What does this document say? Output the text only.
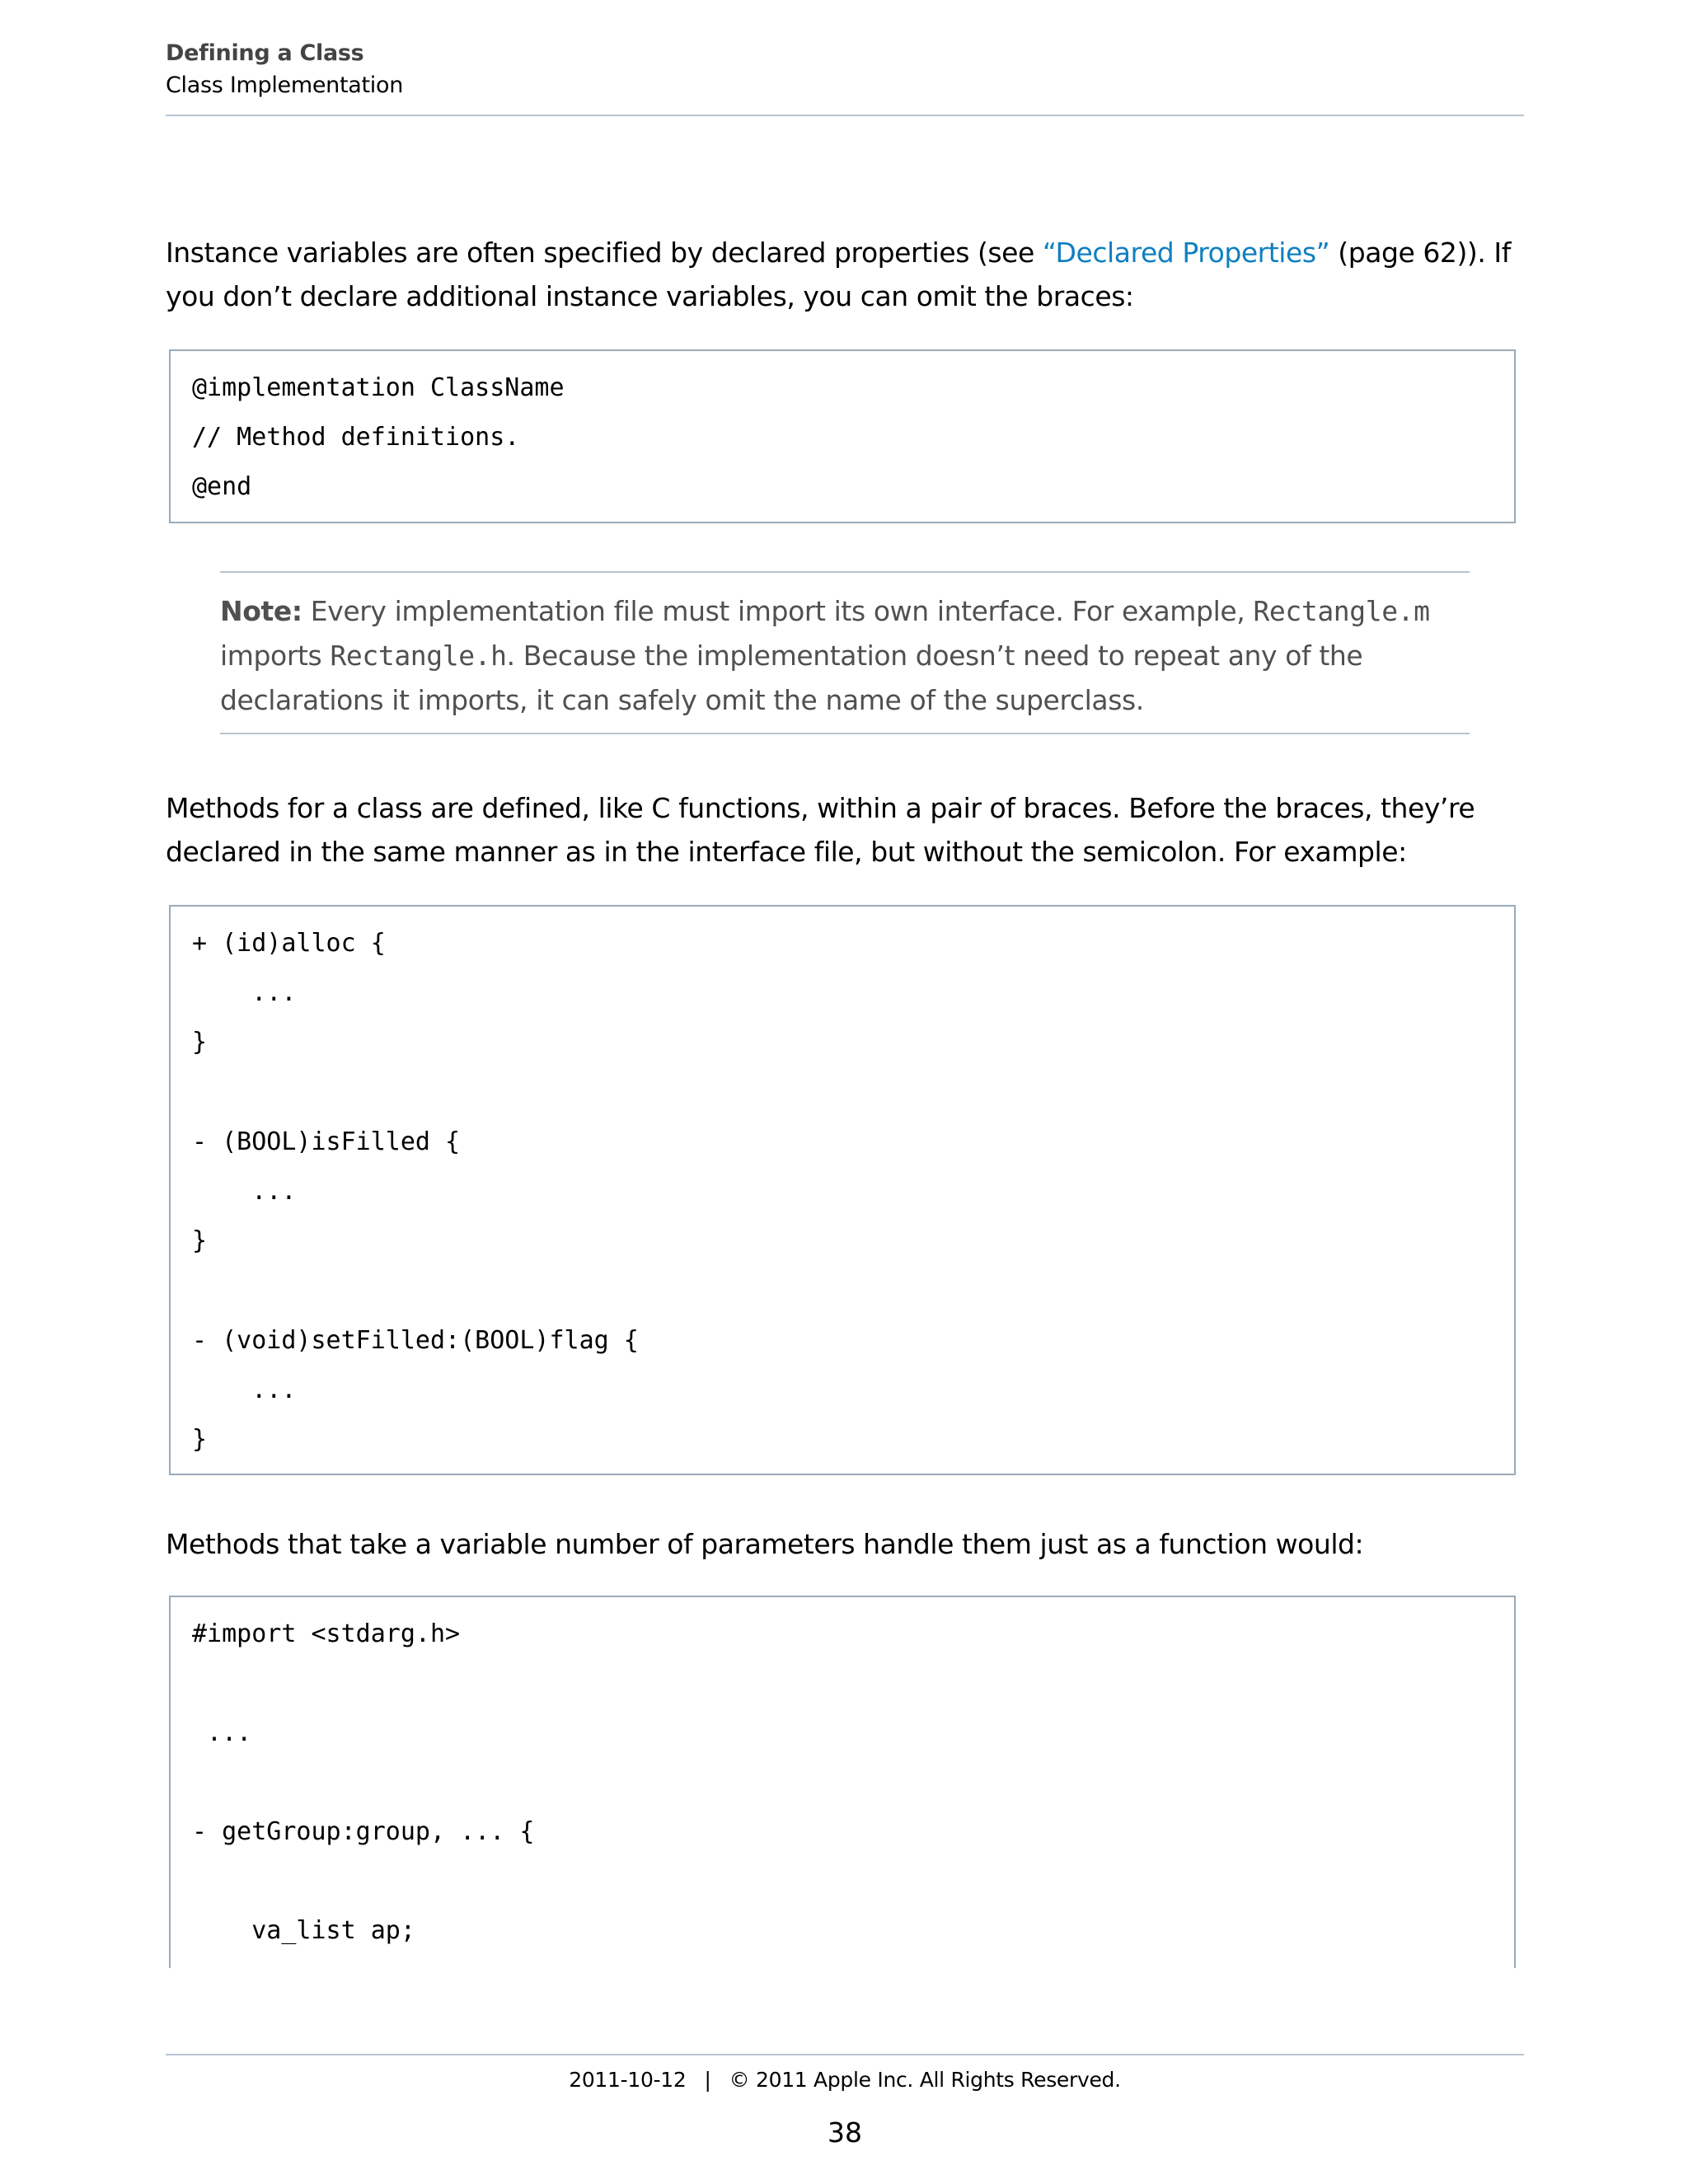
Defining a Class
Class Implementation
Instance variables are often specified by declared properties (see “Declared Properties” (page 62)). If you don’t declare additional instance variables, you can omit the braces:
@implementation ClassName
// Method definitions.
@end
Note: Every implementation file must import its own interface. For example, Rectangle.m imports Rectangle.h. Because the implementation doesn’t need to repeat any of the declarations it imports, it can safely omit the name of the superclass.
Methods for a class are defined, like C functions, within a pair of braces. Before the braces, they’re declared in the same manner as in the interface file, but without the semicolon. For example:
+ (id)alloc {
...
}
- (BOOL)isFilled {
...
}
- (void)setFilled:(BOOL)flag {
...
}
Methods that take a variable number of parameters handle them just as a function would:
#import <stdarg.h>
...
- getGroup:group, ... {
va_list ap;
2011-10-12 | © 2011 Apple Inc. All Rights Reserved.
38
